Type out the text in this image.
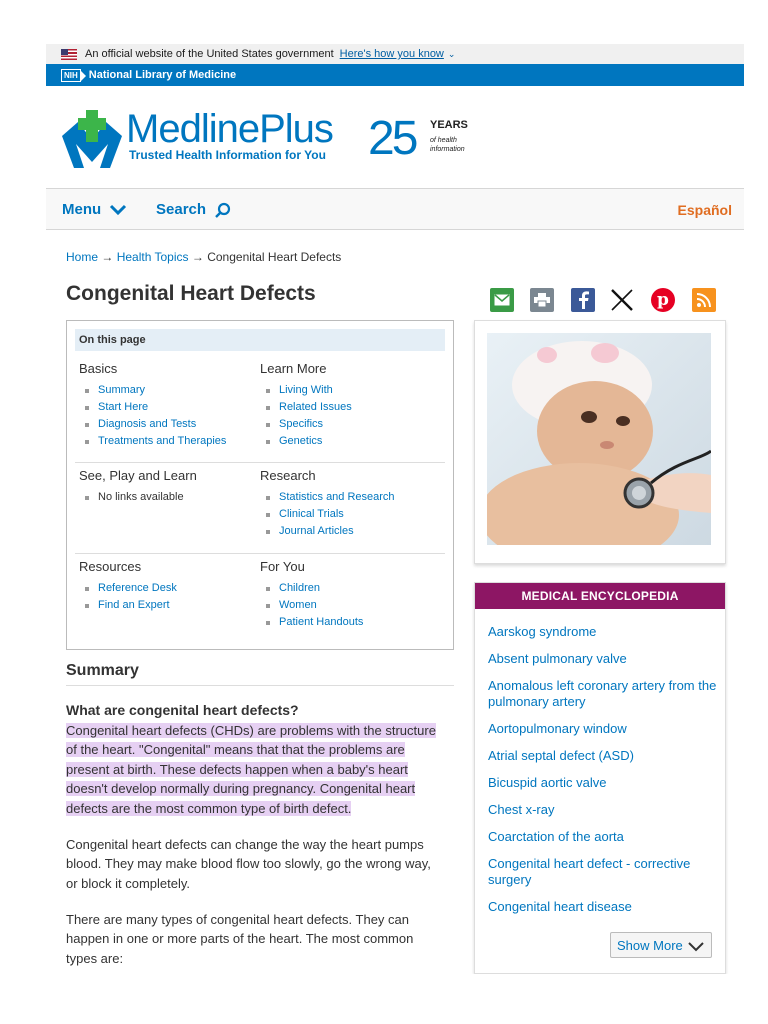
An official website of the United States government Here's how you know ⌄
NIH National Library of Medicine
MedlinePlus
Trusted Health Information for You 25 YEARS
of health information
Menu	Search	Español
Home → Health Topics → Congenital Heart Defects
Congenital Heart Defects	p
On this page
Basics
Summary
Start Here
Diagnosis and Tests
Treatments and Therapies
Learn More
Living With
Related Issues
Specifics
Genetics
See, Play and Learn
No links available
Research
Statistics and Research
Clinical Trials
Journal Articles
Resources
Reference Desk
Find an Expert
For You
Children
Women
Patient Handouts
Summary
What are congenital heart defects?
Congenital heart defects (CHDs) are problems with the structure
of the heart. "Congenital" means that that the problems are
present at birth. These defects happen when a baby's heart
doesn't develop normally during pregnancy. Congenital heart
defects are the most common type of birth defect.
Congenital heart defects can change the way the heart pumps
blood. They may make blood flow too slowly, go the wrong way,
or block it completely.
There are many types of congenital heart defects. They can
happen in one or more parts of the heart. The most common
types are:
MEDICAL ENCYCLOPEDIA
Aarskog syndrome
Absent pulmonary valve
Anomalous left coronary artery from the pulmonary artery
Aortopulmonary window
Atrial septal defect (ASD)
Bicuspid aortic valve
Chest x-ray
Coarctation of the aorta
Congenital heart defect - corrective surgery
Congenital heart disease
Show More
